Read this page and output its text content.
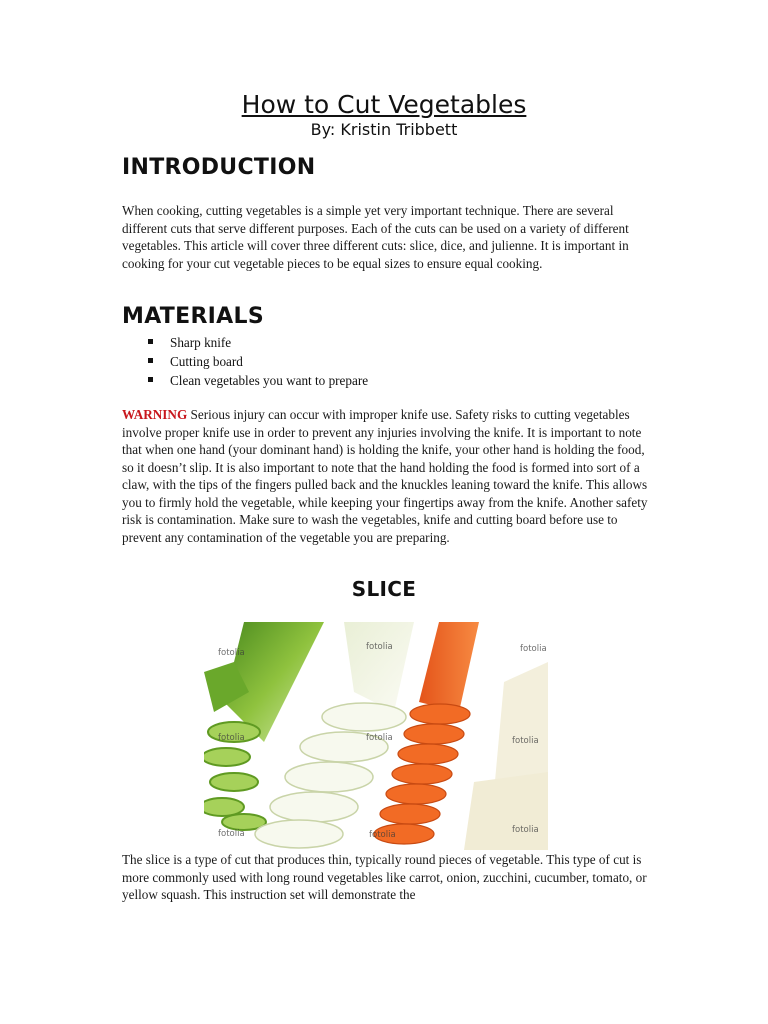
How to Cut Vegetables

By: Kristin Tribbett

INTRODUCTION

When cooking, cutting vegetables is a simple yet very important technique. There are several different cuts that serve different purposes. Each of the cuts can be used on a variety of different vegetables. This article will cover three different cuts: slice, dice, and julienne. It is important in cooking for your cut vegetable pieces to be equal sizes to ensure equal cooking.

MATERIALS
Sharp knife
Cutting board
Clean vegetables you want to prepare

WARNING Serious injury can occur with improper knife use. Safety risks to cutting vegetables involve proper knife use in order to prevent any injuries involving the knife. It is important to note that when one hand (your dominant hand) is holding the knife, your other hand is holding the food, so it doesn’t slip. It is also important to note that the hand holding the food is formed into sort of a claw, with the tips of the fingers pulled back and the knuckles leaning toward the knife. This allows you to firmly hold the vegetable, while keeping your fingertips away from the knife. Another safety risk is contamination. Make sure to wash the vegetables, knife and cutting board before use to prevent any contamination of the vegetable you are preparing.

SLICE
fotolia
fotolia	fotolia
fotolia	fotolia	fotolia
fotolia	fotolia	fotolia

The slice is a type of cut that produces thin, typically round pieces of vegetable. This type of cut is more commonly used with long round vegetables like carrot, onion, zucchini, cucumber, tomato, or yellow squash. This instruction set will demonstrate the
